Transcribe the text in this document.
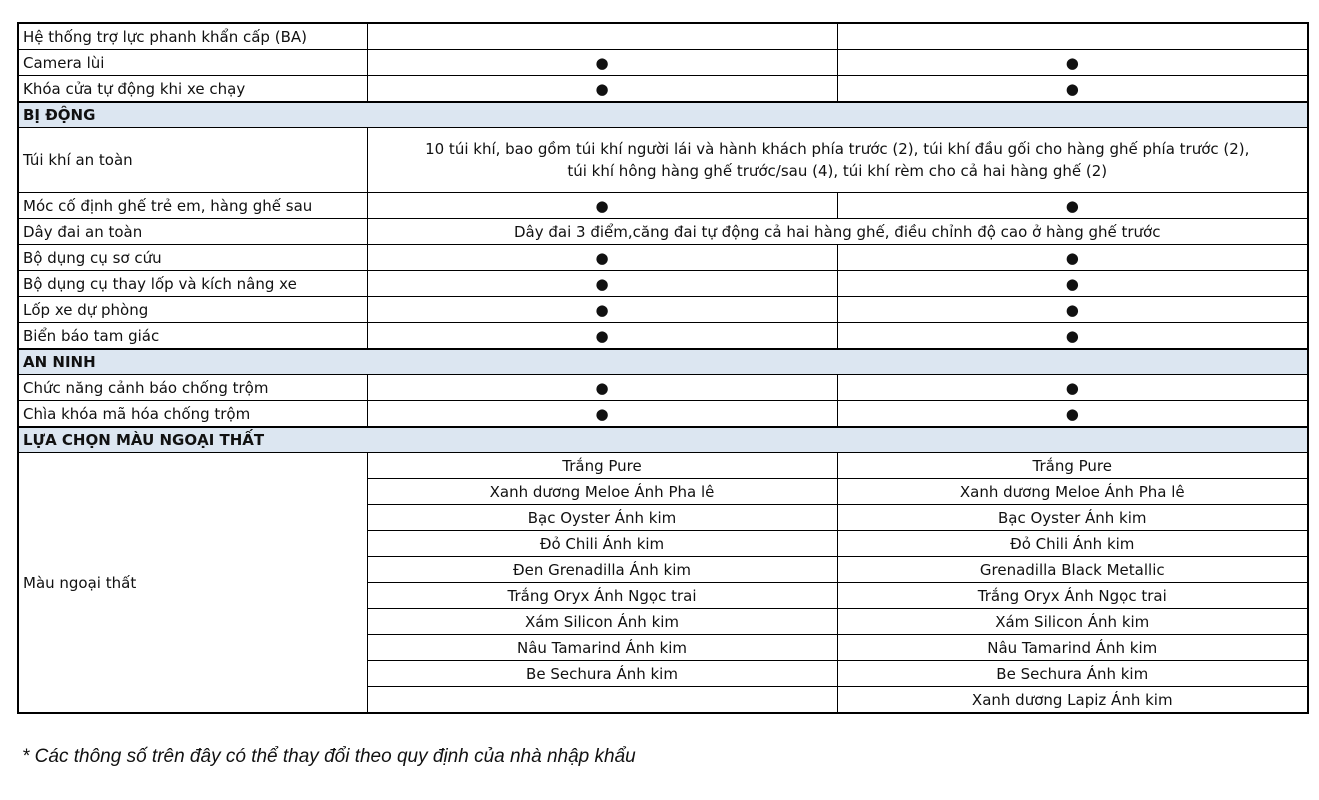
Hệ thống trợ lực phanh khẩn cấp (BA)		
Camera lùi	●	●
Khóa cửa tự động khi xe chạy	●	●
BỊ ĐỘNG		
Túi khí an toàn	10 túi khí, bao gồm túi khí người lái và hành khách phía trước (2), túi khí đầu gối cho hàng ghế phía trước (2),
túi khí hông hàng ghế trước/sau (4), túi khí rèm cho cả hai hàng ghế (2)	

Móc cố định ghế trẻ em, hàng ghế sau	●	●
Dây đai an toàn	Dây đai 3 điểm,căng đai tự động cả hai hàng ghế, điều chỉnh độ cao ở hàng ghế trước	
Bộ dụng cụ sơ cứu	●	●
Bộ dụng cụ thay lốp và kích nâng xe	●	●
Lốp xe dự phòng	●	●
Biển báo tam giác	●	●
AN NINH		
Chức năng cảnh báo chống trộm	●	●
Chìa khóa mã hóa chống trộm	●	●
LỰA CHỌN MÀU NGOẠI THẤT		
Màu ngoại thất	Trắng Pure	Trắng Pure
	Xanh dương Meloe Ánh Pha lê	Xanh dương Meloe Ánh Pha lê
	Bạc Oyster Ánh kim	Bạc Oyster Ánh kim
	Đỏ Chili Ánh kim	Đỏ Chili Ánh kim
	Đen Grenadilla Ánh kim	Grenadilla Black Metallic
	Trắng Oryx Ánh Ngọc trai	Trắng Oryx Ánh Ngọc trai
	Xám Silicon Ánh kim	Xám Silicon Ánh kim
	Nâu Tamarind Ánh kim	Nâu Tamarind Ánh kim
	Be Sechura Ánh kim	Be Sechura Ánh kim
		Xanh dương Lapiz Ánh kim
* Các thông số trên đây có thể thay đổi theo quy định của nhà nhập khẩu
